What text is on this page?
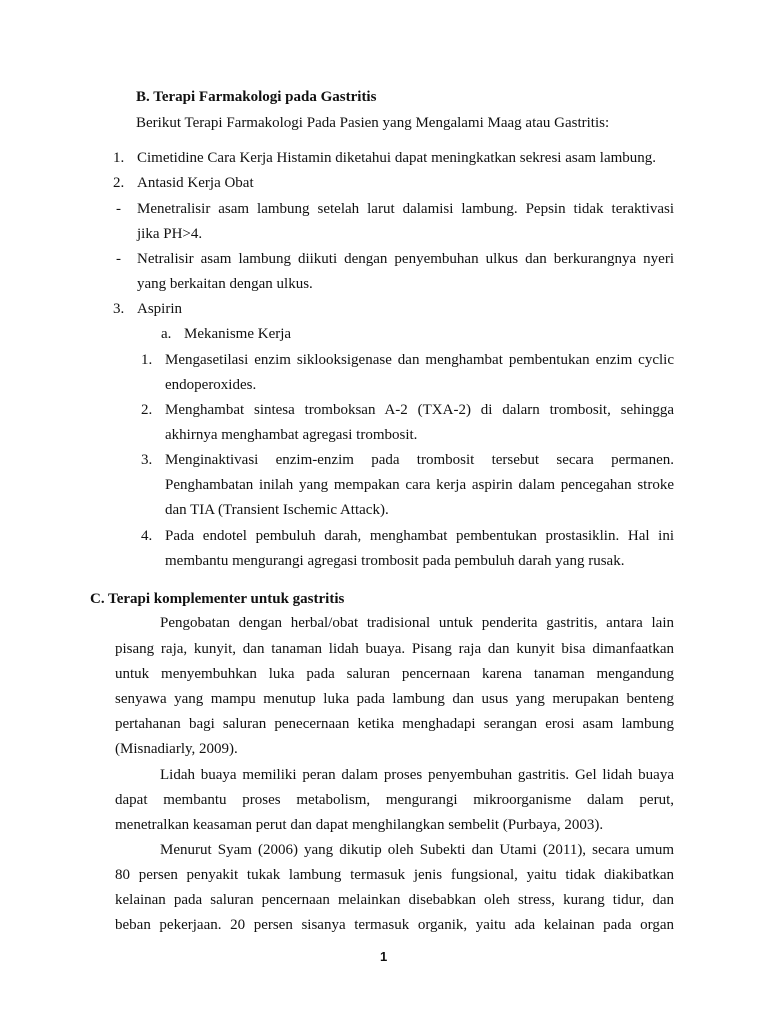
B. Terapi Farmakologi pada Gastritis
Berikut Terapi Farmakologi Pada Pasien yang Mengalami Maag atau Gastritis:
1. Cimetidine Cara Kerja Histamin diketahui dapat meningkatkan sekresi asam lambung.
2. Antasid Kerja Obat
- Menetralisir asam lambung setelah larut dalamisi lambung. Pepsin tidak teraktivasi
jika PH>4.
- Netralisir asam lambung diikuti dengan penyembuhan ulkus dan berkurangnya nyeri
yang berkaitan dengan ulkus.
3. Aspirin
a. Mekanisme Kerja
1. Mengasetilasi enzim siklooksigenase dan menghambat pembentukan enzim cyclic
endoperoxides.
2. Menghambat sintesa tromboksan A-2 (TXA-2) di dalarn trombosit, sehingga
akhirnya menghambat agregasi trombosit.
3. Menginaktivasi enzim-enzim pada trombosit tersebut secara permanen.
Penghambatan inilah yang mempakan cara kerja aspirin dalam pencegahan stroke
dan TIA (Transient Ischemic Attack).
4. Pada endotel pembuluh darah, menghambat pembentukan prostasiklin. Hal ini
membantu mengurangi agregasi trombosit pada pembuluh darah yang rusak.
C. Terapi komplementer untuk gastritis
Pengobatan dengan herbal/obat tradisional untuk penderita gastritis, antara lain
pisang raja, kunyit, dan tanaman lidah buaya. Pisang raja dan kunyit bisa dimanfaatkan
untuk menyembuhkan luka pada saluran pencernaan karena tanaman mengandung
senyawa yang mampu menutup luka pada lambung dan usus yang merupakan benteng
pertahanan bagi saluran penecernaan ketika menghadapi serangan erosi asam lambung
(Misnadiarly, 2009).
Lidah buaya memiliki peran dalam proses penyembuhan gastritis. Gel lidah buaya
dapat membantu proses metabolism, mengurangi mikroorganisme dalam perut,
menetralkan keasaman perut dan dapat menghilangkan sembelit (Purbaya, 2003).
Menurut Syam (2006) yang dikutip oleh Subekti dan Utami (2011), secara umum
80 persen penyakit tukak lambung termasuk jenis fungsional, yaitu tidak diakibatkan
kelainan pada saluran pencernaan melainkan disebabkan oleh stress, kurang tidur, dan
beban pekerjaan. 20 persen sisanya termasuk organik, yaitu ada kelainan pada organ
1
